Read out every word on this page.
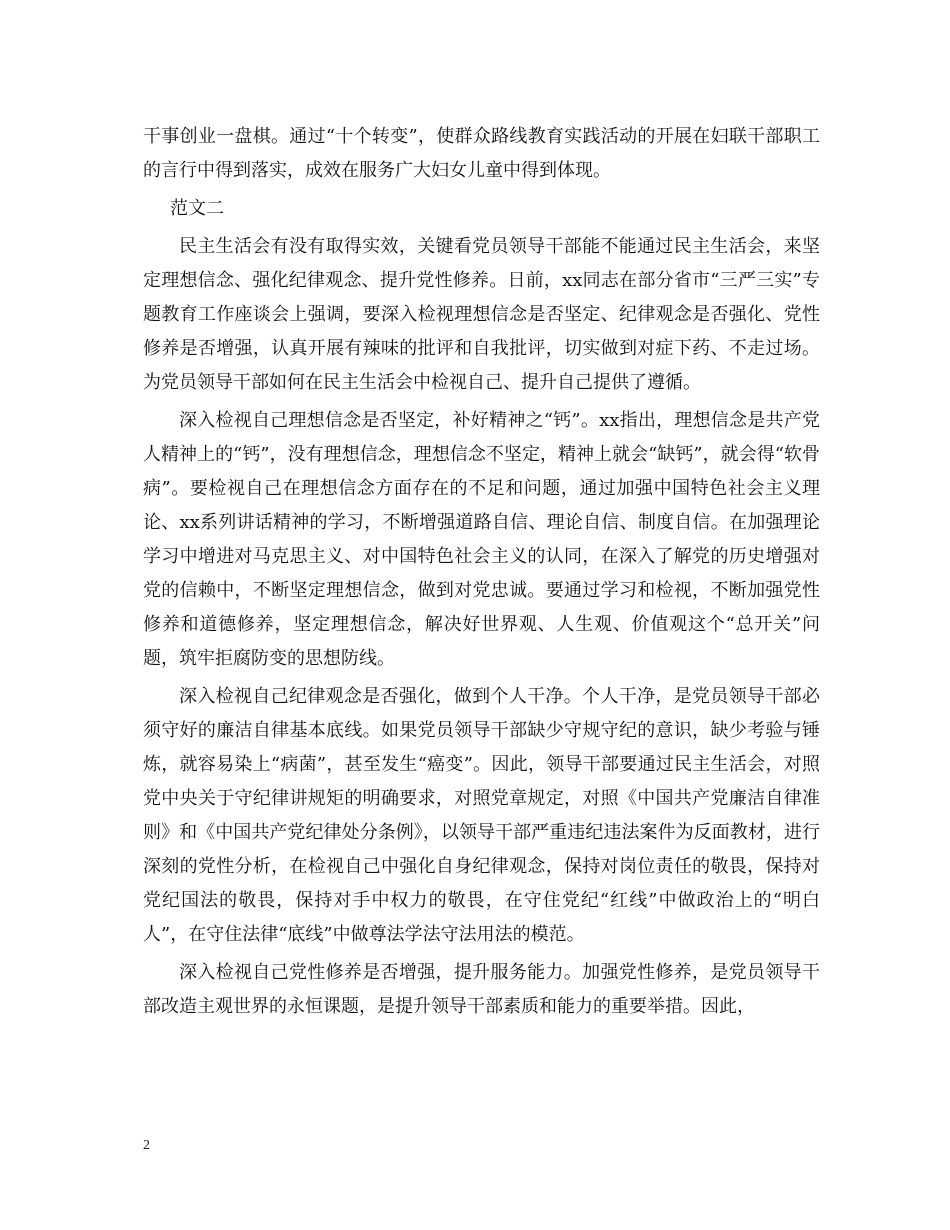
干事创业一盘棋。通过“十个转变”，使群众路线教育实践活动的开展在妇联干部职工的言行中得到落实，成效在服务广大妇女儿童中得到体现。

范文二

民主生活会有没有取得实效，关键看党员领导干部能不能通过民主生活会，来坚定理想信念、强化纪律观念、提升党性修养。日前，xx同志在部分省市“三严三实”专题教育工作座谈会上强调，要深入检视理想信念是否坚定、纪律观念是否强化、党性修养是否增强，认真开展有辣味的批评和自我批评，切实做到对症下药、不走过场。为党员领导干部如何在民主生活会中检视自己、提升自己提供了遵循。

深入检视自己理想信念是否坚定，补好精神之“钙”。xx指出，理想信念是共产党人精神上的“钙”，没有理想信念，理想信念不坚定，精神上就会“缺钙”，就会得“软骨病”。要检视自己在理想信念方面存在的不足和问题，通过加强中国特色社会主义理论、xx系列讲话精神的学习，不断增强道路自信、理论自信、制度自信。在加强理论学习中增进对马克思主义、对中国特色社会主义的认同，在深入了解党的历史增强对党的信赖中，不断坚定理想信念，做到对党忠诚。要通过学习和检视，不断加强党性修养和道德修养，坚定理想信念，解决好世界观、人生观、价值观这个“总开关”问题，筑牢拒腐防变的思想防线。

深入检视自己纪律观念是否强化，做到个人干净。个人干净，是党员领导干部必须守好的廉洁自律基本底线。如果党员领导干部缺少守规守纪的意识，缺少考验与锤炼，就容易染上“病菌”，甚至发生“癌变”。因此，领导干部要通过民主生活会，对照党中央关于守纪律讲规矩的明确要求，对照党章规定，对照《中国共产党廉洁自律准则》和《中国共产党纪律处分条例》，以领导干部严重违纪违法案件为反面教材，进行深刻的党性分析，在检视自己中强化自身纪律观念，保持对岗位责任的敬畏，保持对党纪国法的敬畏，保持对手中权力的敬畏，在守住党纪“红线”中做政治上的“明白人”，在守住法律“底线”中做尊法学法守法用法的模范。

深入检视自己党性修养是否增强，提升服务能力。加强党性修养，是党员领导干部改造主观世界的永恒课题，是提升领导干部素质和能力的重要举措。因此，

2
